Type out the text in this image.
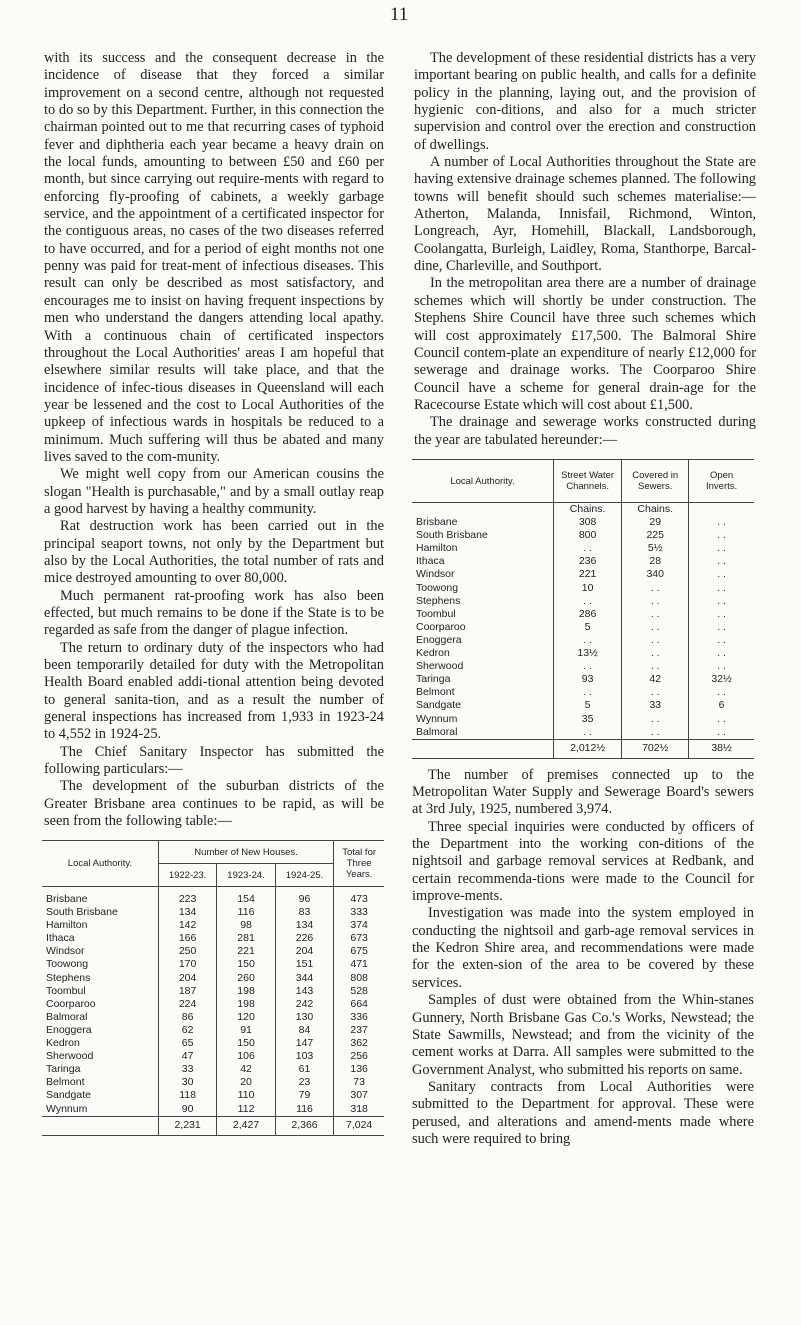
11

with its success and the consequent decrease in the incidence of disease that they forced a similar improvement on a second centre, although not requested to do so by this Department. Further, in this connection the chairman pointed out to me that recurring cases of typhoid fever and diphtheria each year became a heavy drain on the local funds, amounting to between £50 and £60 per month, but since carrying out require-ments with regard to enforcing fly-proofing of cabinets, a weekly garbage service, and the appointment of a certificated inspector for the contiguous areas, no cases of the two diseases referred to have occurred, and for a period of eight months not one penny was paid for treat-ment of infectious diseases. This result can only be described as most satisfactory, and encourages me to insist on having frequent inspections by men who understand the dangers attending local apathy. With a continuous chain of certificated inspectors throughout the Local Authorities' areas I am hopeful that elsewhere similar results will take place, and that the incidence of infec-tious diseases in Queensland will each year be lessened and the cost to Local Authorities of the upkeep of infectious wards in hospitals be reduced to a minimum. Much suffering will thus be abated and many lives saved to the com-munity.

We might well copy from our American cousins the slogan "Health is purchasable," and by a small outlay reap a good harvest by having a healthy community.

Rat destruction work has been carried out in the principal seaport towns, not only by the Department but also by the Local Authorities, the total number of rats and mice destroyed amounting to over 80,000.

Much permanent rat-proofing work has also been effected, but much remains to be done if the State is to be regarded as safe from the danger of plague infection.

The return to ordinary duty of the inspectors who had been temporarily detailed for duty with the Metropolitan Health Board enabled addi-tional attention being devoted to general sanita-tion, and as a result the number of general inspections has increased from 1,933 in 1923-24 to 4,552 in 1924-25.

The Chief Sanitary Inspector has submitted the following particulars:—

The development of the suburban districts of the Greater Brisbane area continues to be rapid, as will be seen from the following table:—

The development of these residential districts has a very important bearing on public health, and calls for a definite policy in the planning, laying out, and the provision of hygienic con-ditions, and also for a much stricter supervision and control over the erection and construction of dwellings.

A number of Local Authorities throughout the State are having extensive drainage schemes planned. The following towns will benefit should such schemes materialise:—Atherton, Malanda, Innisfail, Richmond, Winton, Longreach, Ayr, Homehill, Blackall, Landsborough, Coolangatta, Burleigh, Laidley, Roma, Stanthorpe, Barcal-dine, Charleville, and Southport.

In the metropolitan area there are a number of drainage schemes which will shortly be under construction. The Stephens Shire Council have three such schemes which will cost approximately £17,500. The Balmoral Shire Council contem-plate an expenditure of nearly £12,000 for sewerage and drainage works. The Coorparoo Shire Council have a scheme for general drain-age for the Racecourse Estate which will cost about £1,500.

The drainage and sewerage works constructed during the year are tabulated hereunder:—

Local Authority.	Street Water Channels.	Covered in Sewers.	Open Inverts.
	Chains.	Chains.	
Brisbane	308	29	. .
South Brisbane	800	225	. .
Hamilton	. .	5½	. .
Ithaca	236	28	. .
Windsor	221	340	. .
Toowong	10	. .	. .
Stephens	. .	. .	. .
Toombul	286	. .	. .
Coorparoo	5	. .	. .
Enoggera	. .	. .	. .
Kedron	13½	. .	. .
Sherwood	. .	. .	. .
Taringa	93	42	32½
Belmont	. .	. .	. .
Sandgate	5	33	6
Wynnum	35	. .	. .
Balmoral	. .	. .	. .
	2,012½	702½	38½

The number of premises connected up to the Metropolitan Water Supply and Sewerage Board's sewers at 3rd July, 1925, numbered 3,974.

Three special inquiries were conducted by officers of the Department into the working con-ditions of the nightsoil and garbage removal services at Redbank, and certain recommenda-tions were made to the Council for improve-ments.

Investigation was made into the system employed in conducting the nightsoil and garb-age removal services in the Kedron Shire area, and recommendations were made for the exten-sion of the area to be covered by these services.

Samples of dust were obtained from the Whin-stanes Gunnery, North Brisbane Gas Co.'s Works, Newstead; the State Sawmills, Newstead; and from the vicinity of the cement works at Darra. All samples were submitted to the Government Analyst, who submitted his reports on same.

Sanitary contracts from Local Authorities were submitted to the Department for approval. These were perused, and alterations and amend-ments made where such were required to bring

Local Authority.	Number of New Houses.			Total for Three Years.
	1922-23.	1923-24.	1924-25.	

Brisbane	223	154	96	473
South Brisbane	134	116	83	333
Hamilton	142	98	134	374
Ithaca	166	281	226	673
Windsor	250	221	204	675
Toowong	170	150	151	471
Stephens	204	260	344	808
Toombul	187	198	143	528
Coorparoo	224	198	242	664
Balmoral	86	120	130	336
Enoggera	62	91	84	237
Kedron	65	150	147	362
Sherwood	47	106	103	256
Taringa	33	42	61	136
Belmont	30	20	23	73
Sandgate	118	110	79	307
Wynnum	90	112	116	318
	2,231	2,427	2,366	7,024
